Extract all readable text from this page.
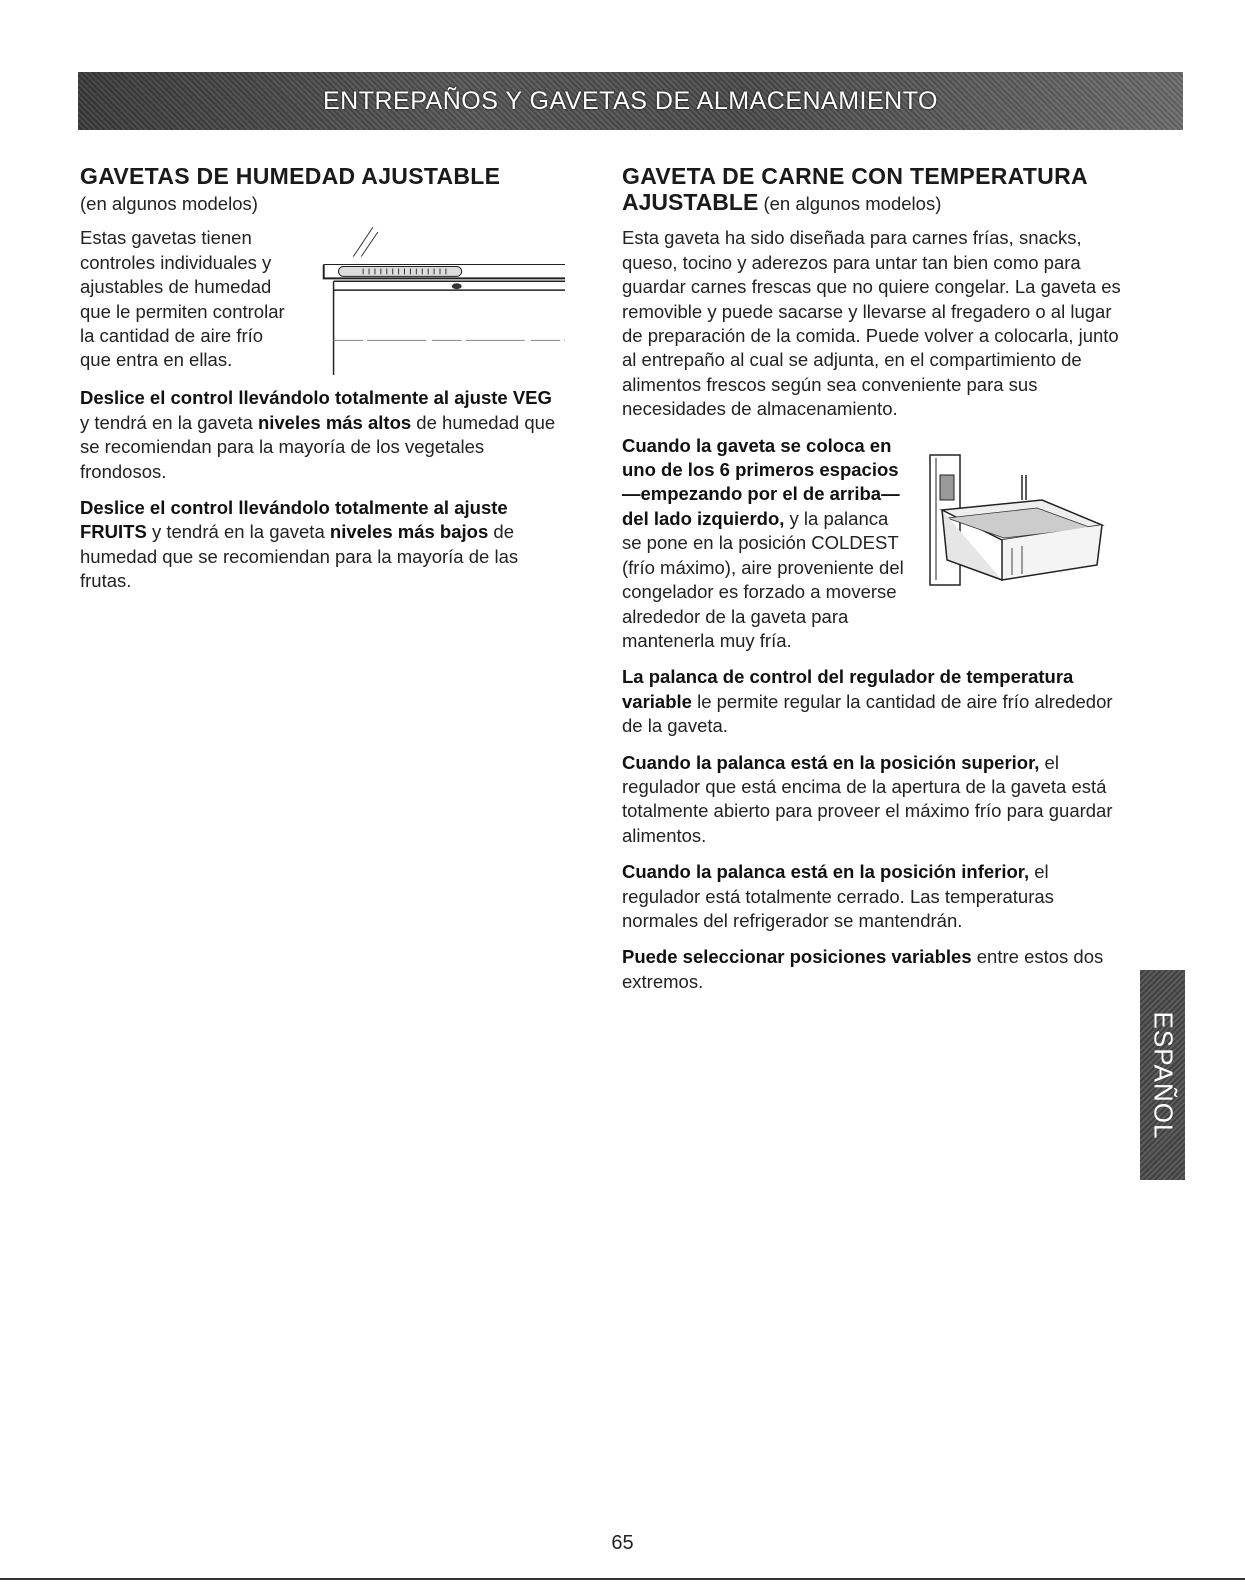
ENTREPAÑOS Y GAVETAS DE ALMACENAMIENTO
GAVETAS DE HUMEDAD AJUSTABLE
(en algunos modelos)
Estas gavetas tienen controles individuales y ajustables de humedad que le permiten controlar la cantidad de aire frío que entra en ellas.

Deslice el control llevándolo totalmente al ajuste VEG y tendrá en la gaveta niveles más altos de humedad que se recomiendan para la mayoría de los vegetales frondosos.

Deslice el control llevándolo totalmente al ajuste FRUITS y tendrá en la gaveta niveles más bajos de humedad que se recomiendan para la mayoría de las frutas.

GAVETA DE CARNE CON TEMPERATURA
AJUSTABLE (en algunos modelos)

Esta gaveta ha sido diseñada para carnes frías, snacks, queso, tocino y aderezos para untar tan bien como para guardar carnes frescas que no quiere congelar. La gaveta es removible y puede sacarse y llevarse al fregadero o al lugar de preparación de la comida. Puede volver a colocarla, junto al entrepaño al cual se adjunta, en el compartimiento de alimentos frescos según sea conveniente para sus necesidades de almacenamiento.

Cuando la gaveta se coloca en uno de los 6 primeros espacios—empezando por el de arriba—del lado izquierdo, y la palanca se pone en la posición COLDEST (frío máximo), aire proveniente del congelador es forzado a moverse alrededor de la gaveta para mantenerla muy fría.

La palanca de control del regulador de temperatura variable le permite regular la cantidad de aire frío alrededor de la gaveta.

Cuando la palanca está en la posición superior, el regulador que está encima de la apertura de la gaveta está totalmente abierto para proveer el máximo frío para guardar alimentos.

Cuando la palanca está en la posición inferior, el regulador está totalmente cerrado. Las temperaturas normales del refrigerador se mantendrán.

Puede seleccionar posiciones variables entre estos dos extremos.

ESPAÑOL
65
